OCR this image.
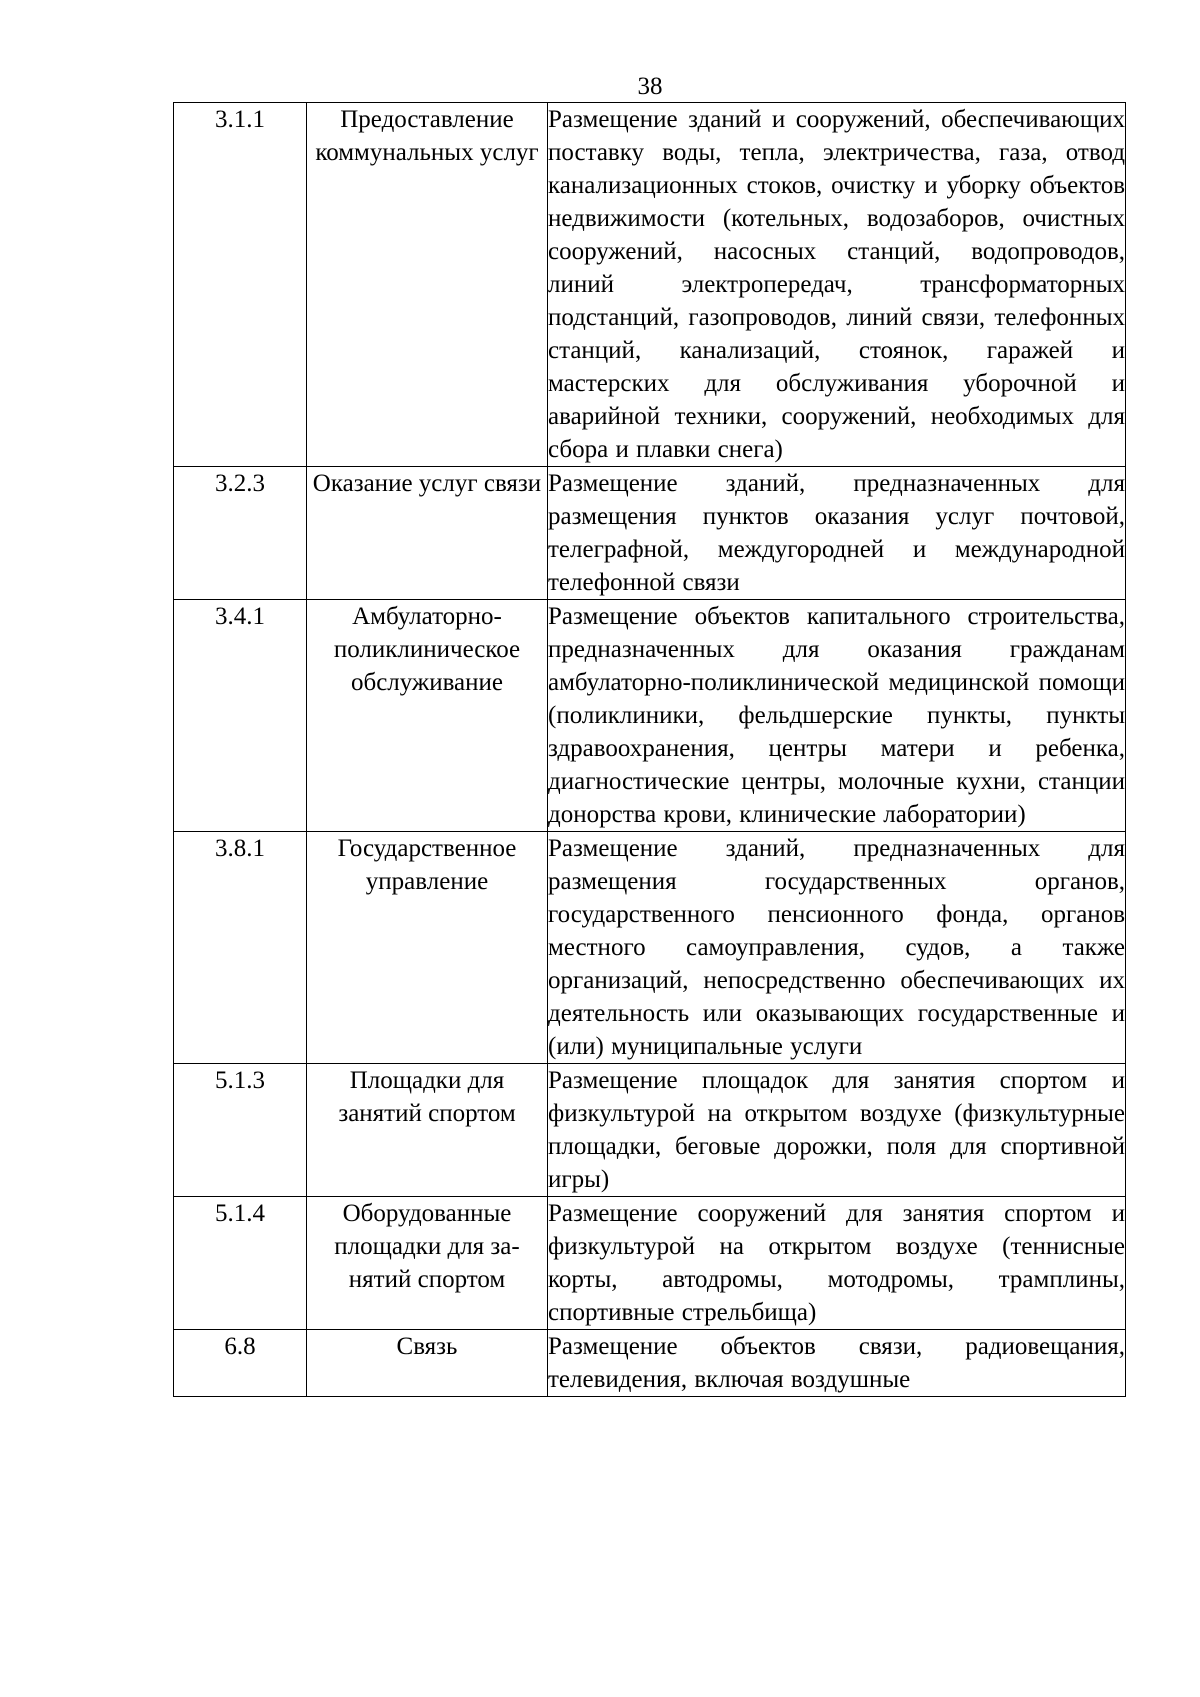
38
3.1.1	Предоставление коммунальных услуг	Размещение зданий и сооружений, обеспечивающих поставку воды, тепла, электричества, газа, отвод канализационных стоков, очистку и уборку объектов недвижимости (котельных, водозаборов, очистных сооружений, насосных станций, водопроводов, линий электропередач, трансформаторных подстанций, газопроводов, линий связи, телефонных станций, канализаций, стоянок, гаражей и мастерских для обслуживания уборочной и аварийной техники, сооружений, необходимых для сбора и плавки снега)
3.2.3	Оказание услуг связи	Размещение зданий, предназначенных для размещения пунктов оказания услуг почтовой, телеграфной, междугородней и международной телефонной связи
3.4.1	Амбулаторно-поликлиническое обслуживание	Размещение объектов капитального строительства, предназначенных для оказания гражданам амбулаторно-поликлинической медицинской помощи (поликлиники, фельдшерские пункты, пункты здравоохранения, центры матери и ребенка, диагностические центры, молочные кухни, станции донорства крови, клинические лаборатории)
3.8.1	Государственное управление	Размещение зданий, предназначенных для размещения государственных органов, государственного пенсионного фонда, органов местного самоуправления, судов, а также организаций, непосредственно обеспечивающих их деятельность или оказывающих государственные и (или) муниципальные услуги
5.1.3	Площадки для занятий спортом	Размещение площадок для занятия спортом и физкультурой на открытом воздухе (физкультурные площадки, беговые дорожки, поля для спортивной игры)
5.1.4	Оборудованные площадки для за-нятий спортом	Размещение сооружений для занятия спортом и физкультурой на открытом воздухе (теннисные корты, автодромы, мотодромы, трамплины, спортивные стрельбища)
6.8	Связь	Размещение объектов связи, радиовещания, телевидения, включая воздушные
